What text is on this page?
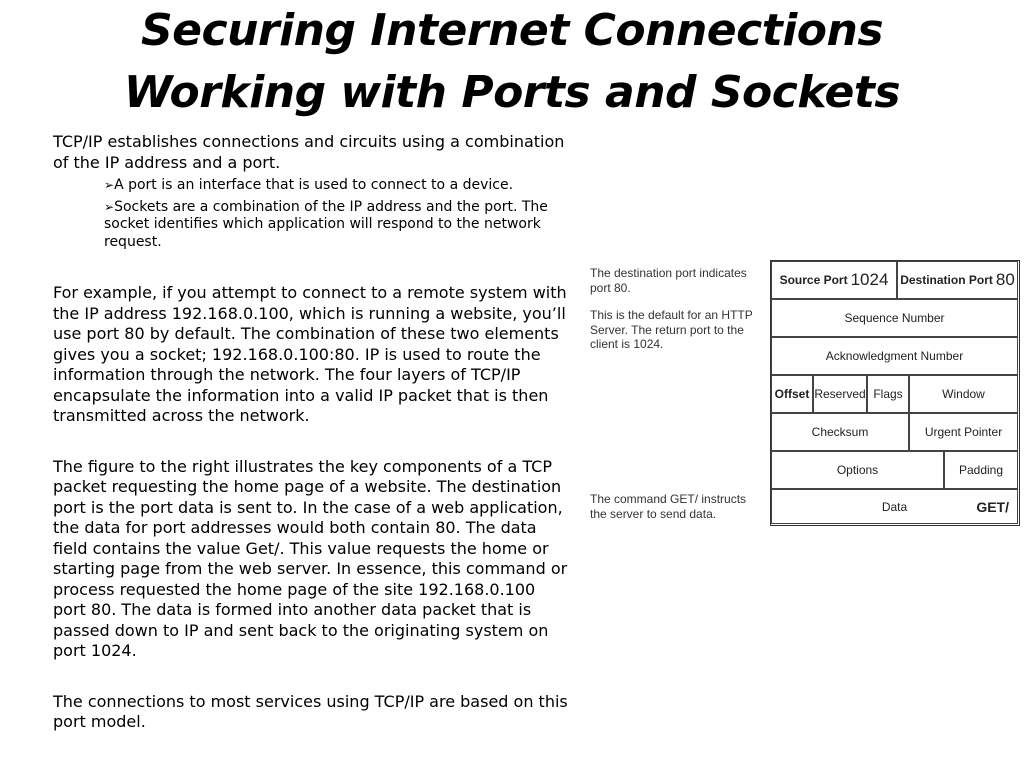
Securing Internet Connections
Working with Ports and Sockets

TCP/IP establishes connections and circuits using a combination of the IP address and a port.

➢A port is an interface that is used to connect to a device.
➢Sockets are a combination of the IP address and the port. The socket identifies which application will respond to the network request.

For example, if you attempt to connect to a remote system with the IP address 192.168.0.100, which is running a website, you’ll use port 80 by default. The combination of these two elements gives you a socket; 192.168.0.100:80. IP is used to route the information through the network. The four layers of TCP/IP encapsulate the information into a valid IP packet that is then transmitted across the network.

The figure to the right illustrates the key components of a TCP packet requesting the home page of a website. The destination port is the port data is sent to. In the case of a web application, the data for port addresses would both contain 80. The data field contains the value Get/. This value requests the home or starting page from the web server. In essence, this command or process requested the home page of the site 192.168.0.100 port 80. The data is formed into another data packet that is passed down to IP and sent back to the originating system on port 1024.

The connections to most services using TCP/IP are based on this port model.

The destination port indicates port 80.
This is the default for an HTTP Server. The return port to the client is 1024.
The command GET/ instructs the server to send data.
Source Port 1024 Destination Port 80
Sequence Number
Acknowledgment Number
Offset Reserved Flags	Window
Checksum	Urgent Pointer
Options	Padding
Data	GET/
